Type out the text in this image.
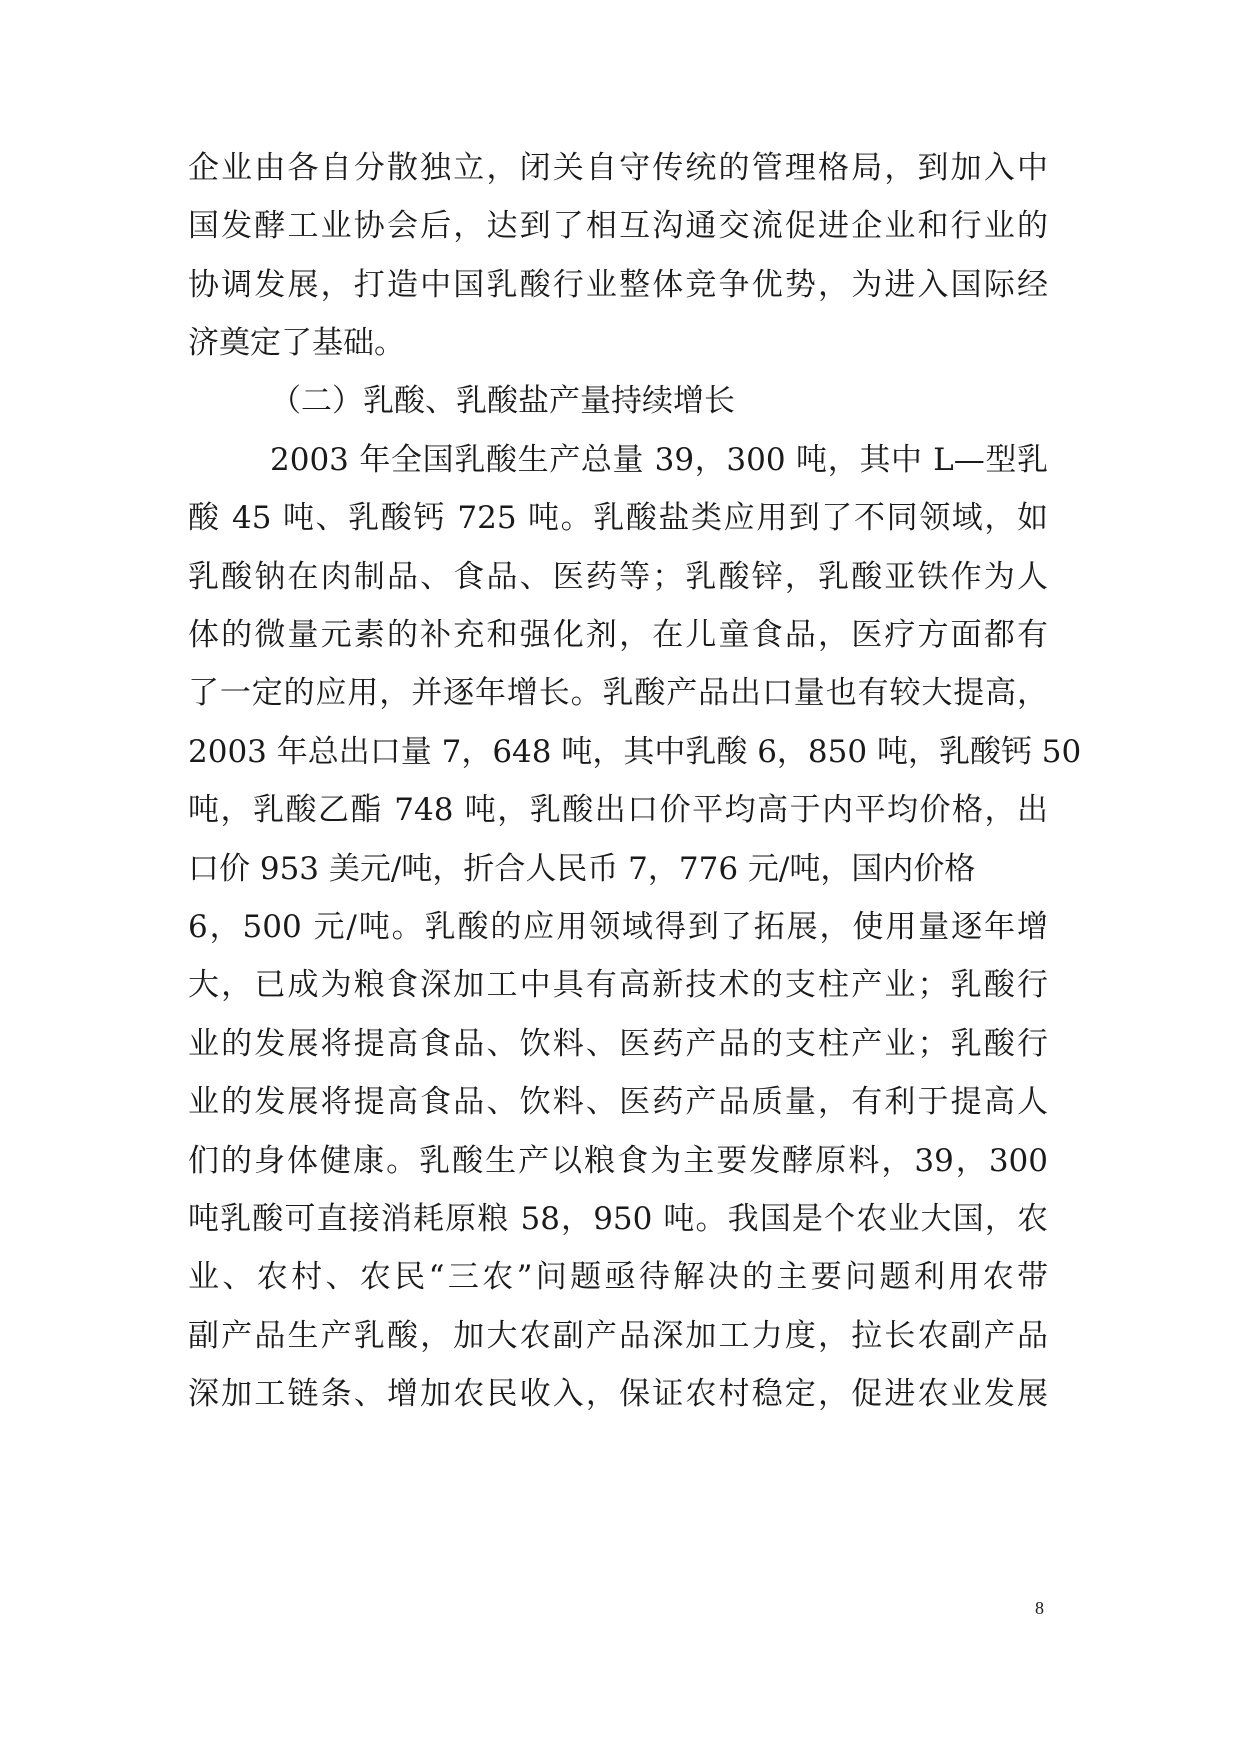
企业由各自分散独立，闭关自守传统的管理格局，到加入中
国发酵工业协会后，达到了相互沟通交流促进企业和行业的
协调发展，打造中国乳酸行业整体竞争优势，为进入国际经
济奠定了基础。
（二）乳酸、乳酸盐产量持续增长
2003 年全国乳酸生产总量 39，300 吨，其中 L—型乳
酸 45 吨、乳酸钙 725 吨。乳酸盐类应用到了不同领域，如
乳酸钠在肉制品、食品、医药等；乳酸锌，乳酸亚铁作为人
体的微量元素的补充和强化剂，在儿童食品，医疗方面都有
了一定的应用，并逐年增长。乳酸产品出口量也有较大提高，
2003 年总出口量 7，648 吨，其中乳酸 6，850 吨，乳酸钙 50
吨，乳酸乙酯 748 吨，乳酸出口价平均高于内平均价格，出
口价 953 美元/吨，折合人民币 7，776 元/吨，国内价格
6，500 元/吨。乳酸的应用领域得到了拓展，使用量逐年增
大，已成为粮食深加工中具有高新技术的支柱产业；乳酸行
业的发展将提高食品、饮料、医药产品的支柱产业；乳酸行
业的发展将提高食品、饮料、医药产品质量，有利于提高人
们的身体健康。乳酸生产以粮食为主要发酵原料，39，300
吨乳酸可直接消耗原粮 58，950 吨。我国是个农业大国，农
业、农村、农民“三农”问题亟待解决的主要问题利用农带
副产品生产乳酸，加大农副产品深加工力度，拉长农副产品
深加工链条、增加农民收入，保证农村稳定，促进农业发展
8
